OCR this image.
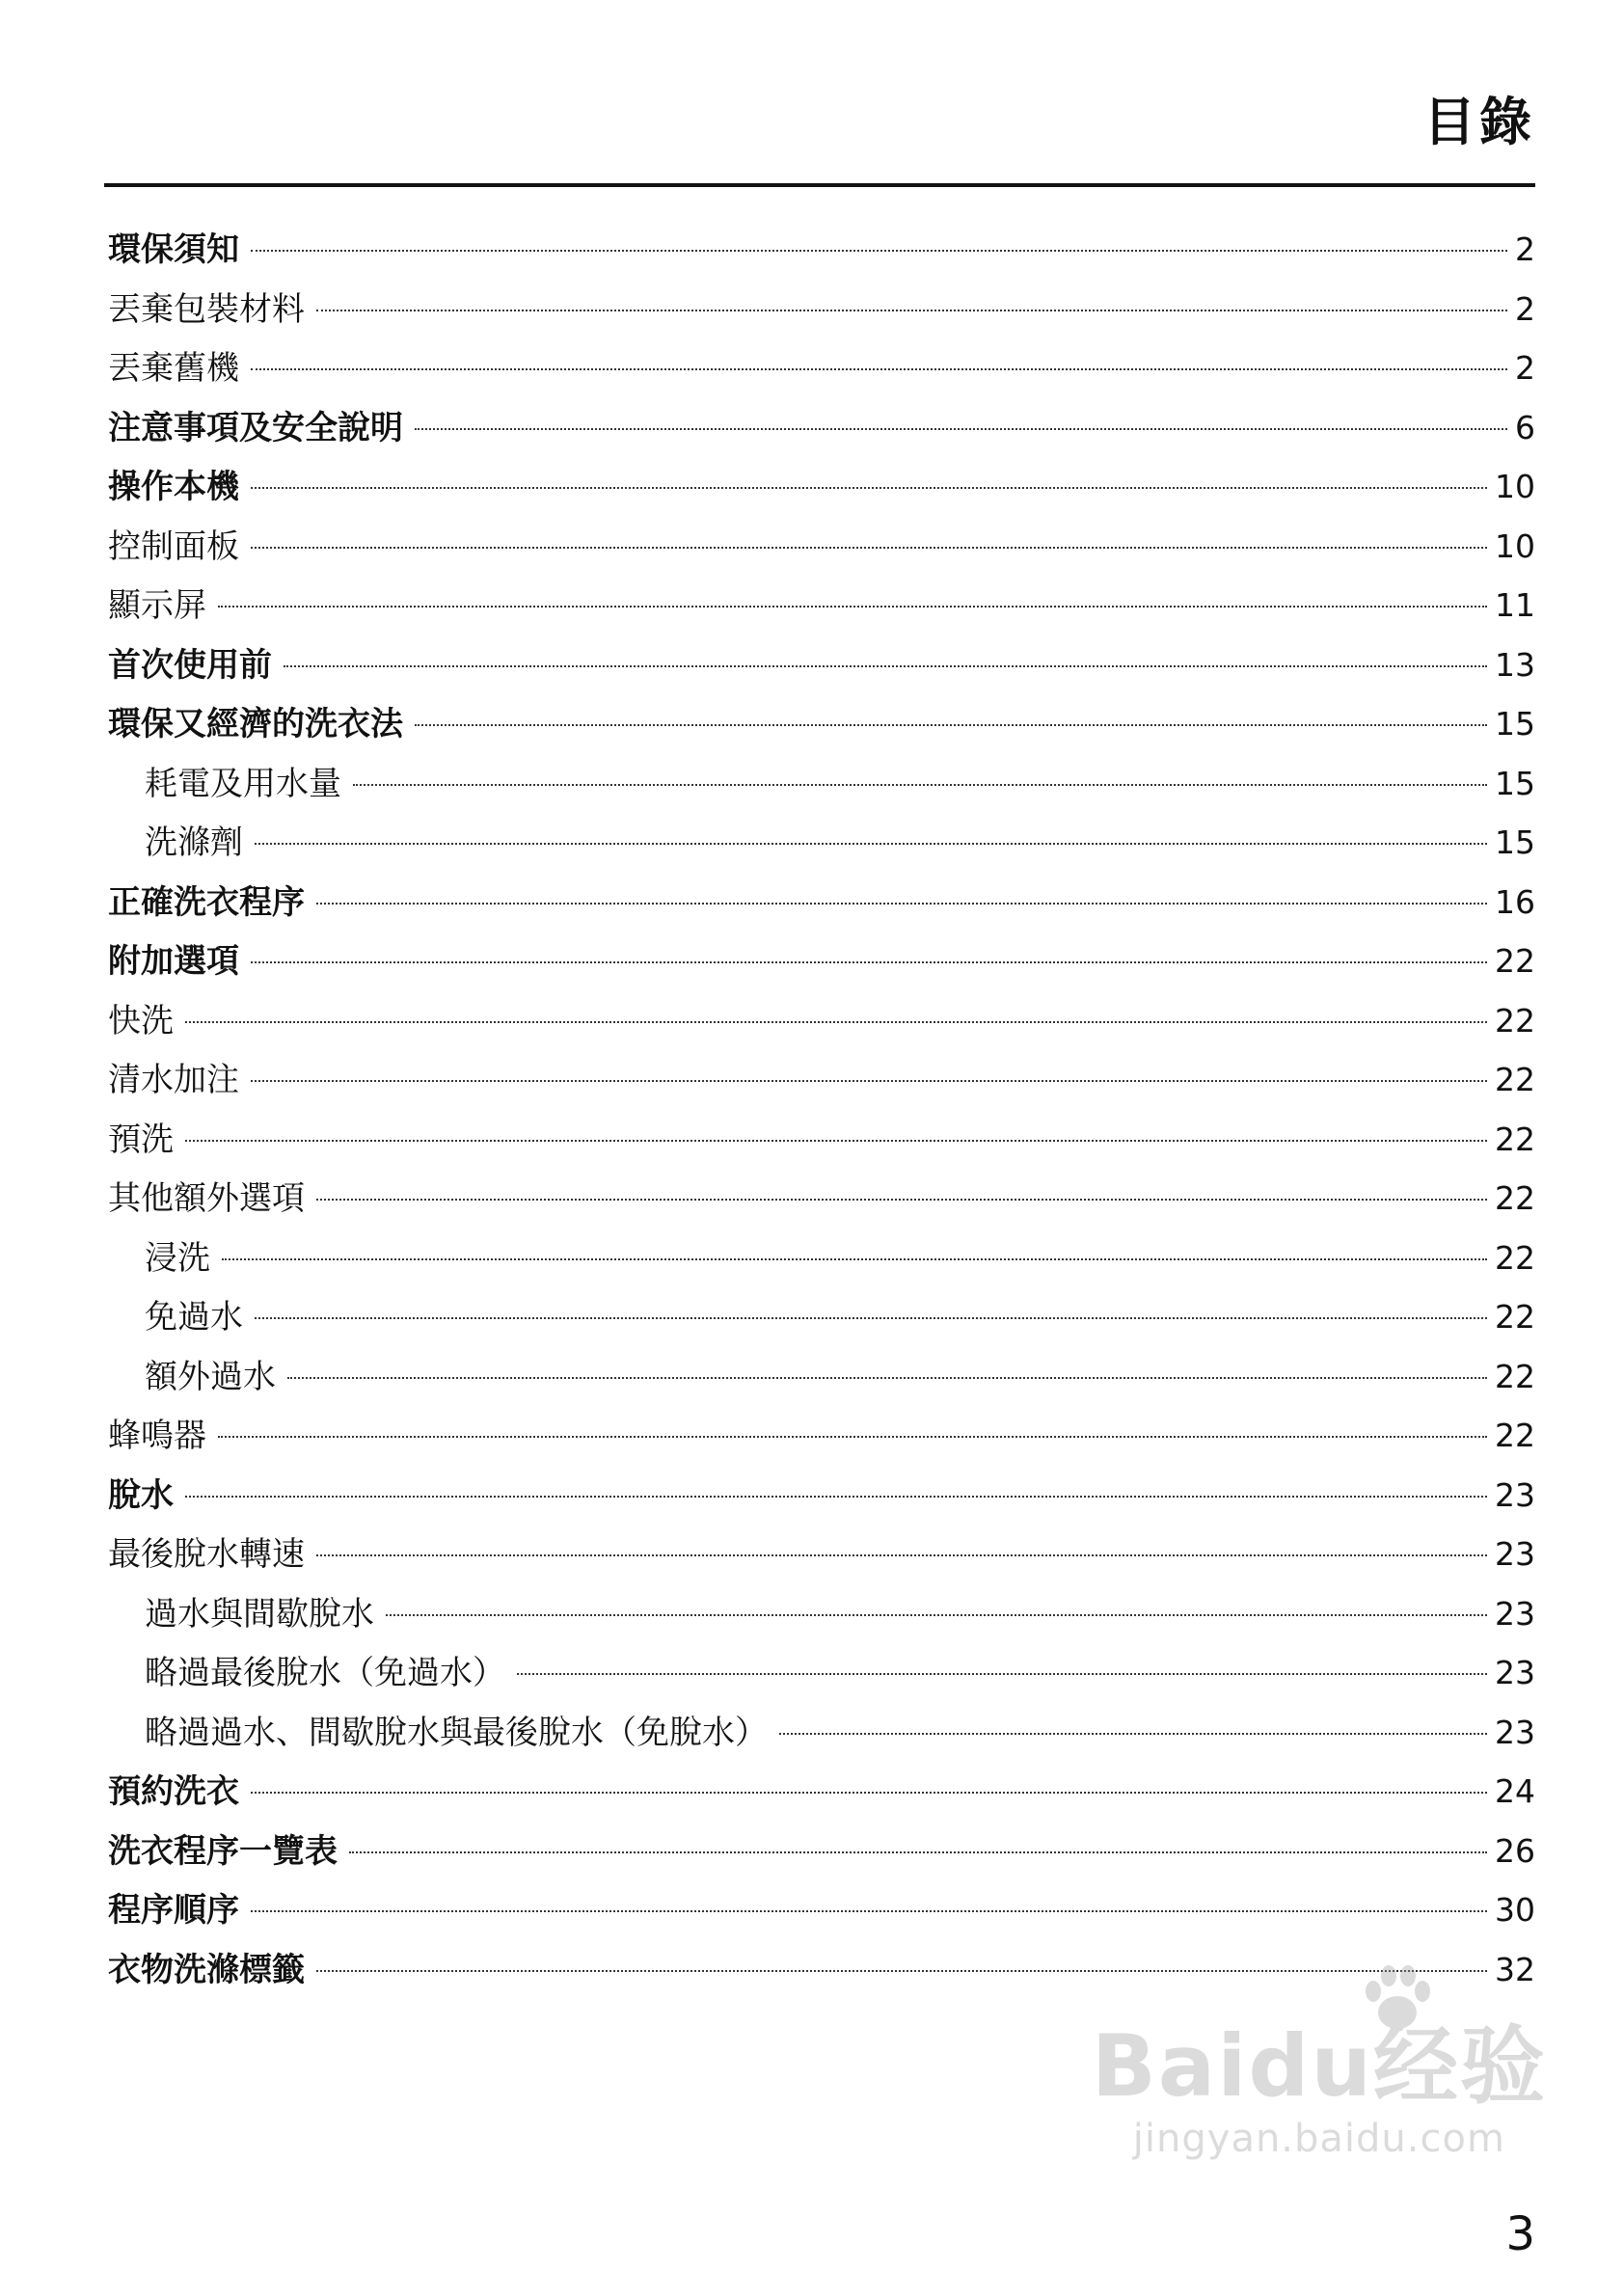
目錄
環保須知	2
丟棄包裝材料	2
丟棄舊機	2
注意事項及安全說明	6
操作本機	10
控制面板	10
顯示屏	11
首次使用前	13
環保又經濟的洗衣法	15
耗電及用水量	15
洗滌劑	15
正確洗衣程序	16
附加選項	22
快洗	22
清水加注	22
預洗	22
其他額外選項	22
浸洗	22
免過水	22
額外過水	22
蜂鳴器	22
脫水	23
最後脫水轉速	23
過水與間歇脫水	23
略過最後脫水（免過水）	23
略過過水、間歇脫水與最後脫水（免脫水）	23
預約洗衣	24
洗衣程序一覽表	26
程序順序	30
衣物洗滌標籤	32
Baidu经验
jingyan.baidu.com
3
